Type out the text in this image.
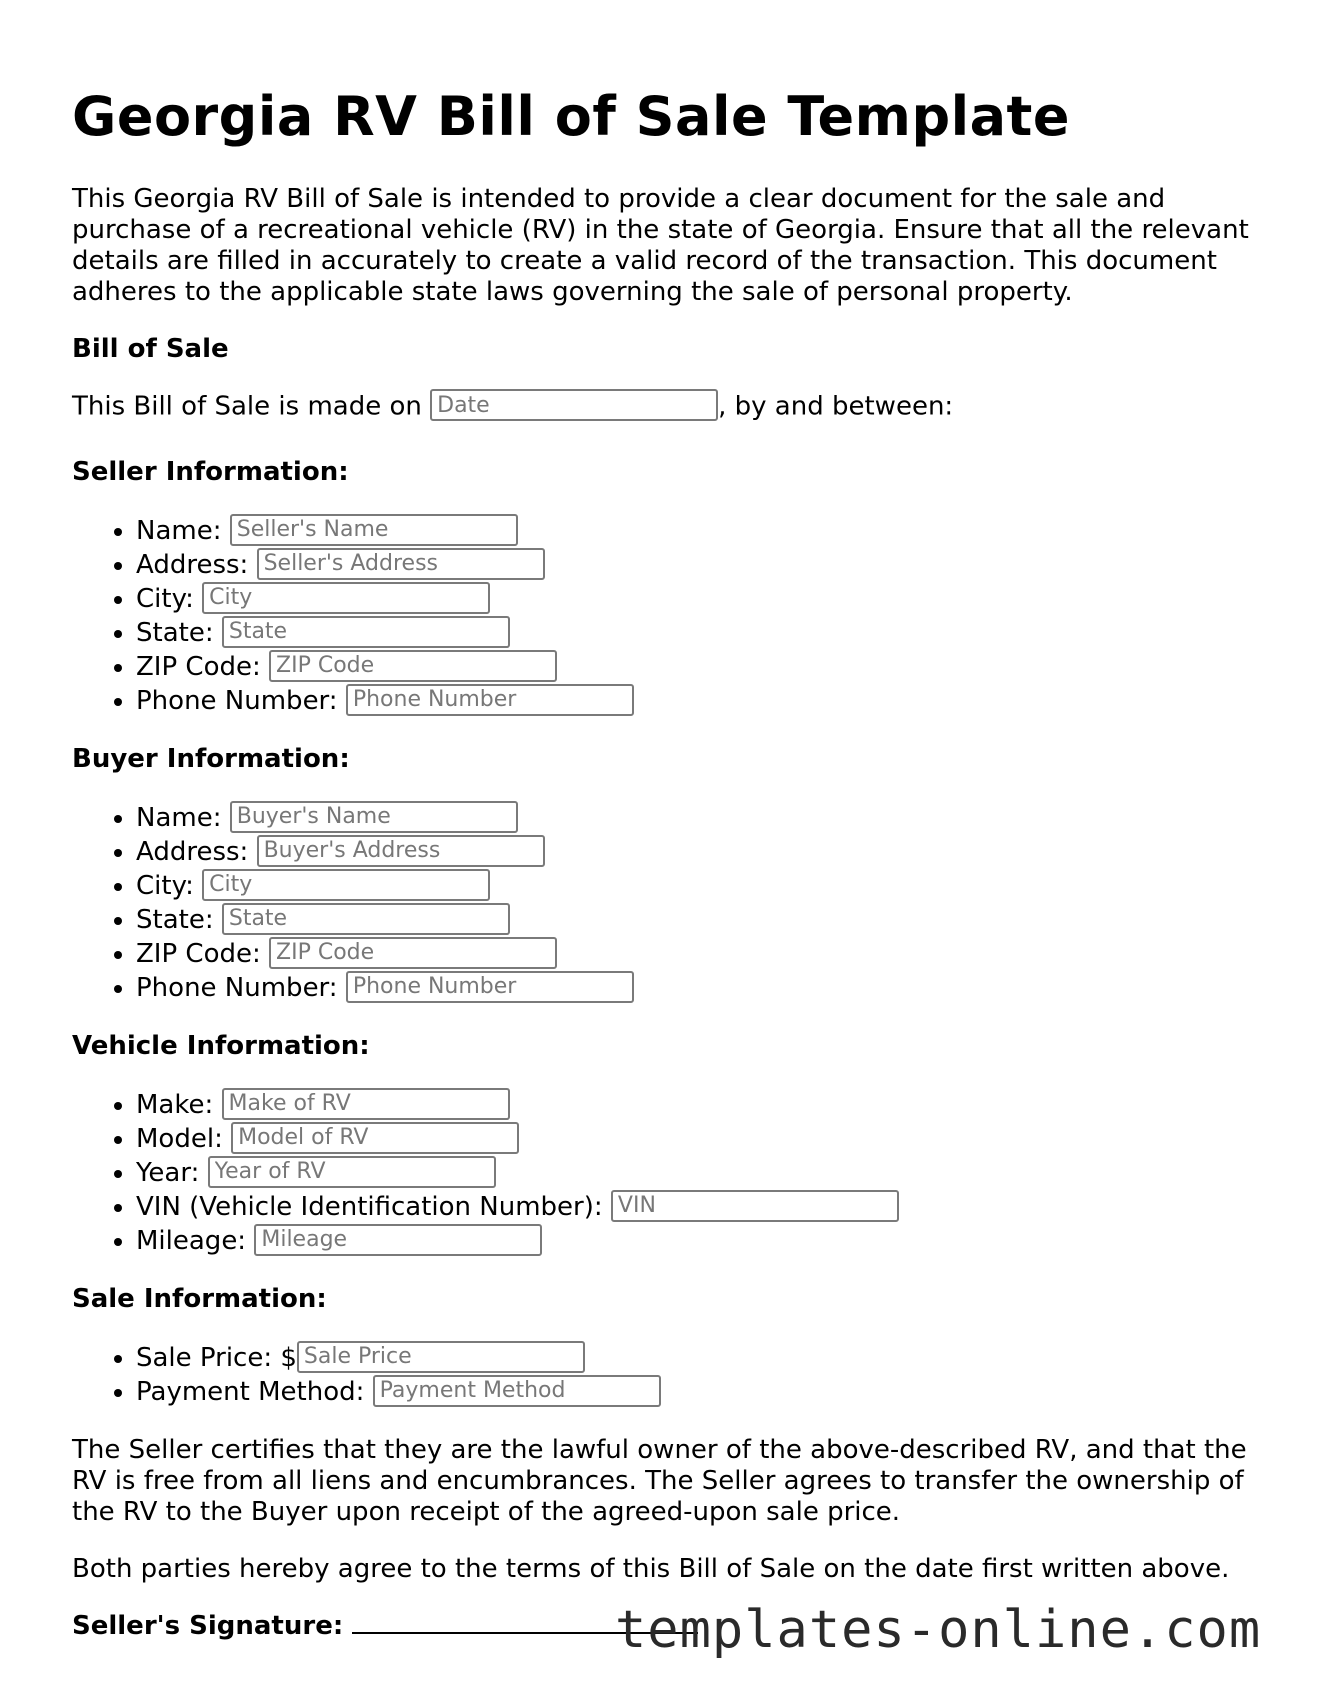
Georgia RV Bill of Sale Template

This Georgia RV Bill of Sale is intended to provide a clear document for the sale and purchase of a recreational vehicle (RV) in the state of Georgia. Ensure that all the relevant details are filled in accurately to create a valid record of the transaction. This document adheres to the applicable state laws governing the sale of personal property.

Bill of Sale

This Bill of Sale is made on Date	, by and between:

Seller Information:
• Name: Seller's Name
• Address: Seller's Address
• City: City
• State: State
• ZIP Code: ZIP Code
• Phone Number: Phone Number
Buyer Information:
• Name: Buyer's Name
• Address: Buyer's Address
• City: City
• State: State
• ZIP Code: ZIP Code
• Phone Number: Phone Number
Vehicle Information:
• Make: Make of RV
• Model: Model of RV
• Year: Year of RV
• VIN (Vehicle Identification Number): VIN
• Mileage: Mileage
Sale Information:
• Sale Price: $Sale Price
• Payment Method: Payment Method

The Seller certifies that they are the lawful owner of the above-described RV, and that the RV is free from all liens and encumbrances. The Seller agrees to transfer the ownership of the RV to the Buyer upon receipt of the agreed-upon sale price.

Both parties hereby agree to the terms of this Bill of Sale on the date first written above.

Seller's Signature:	templates-online.com
